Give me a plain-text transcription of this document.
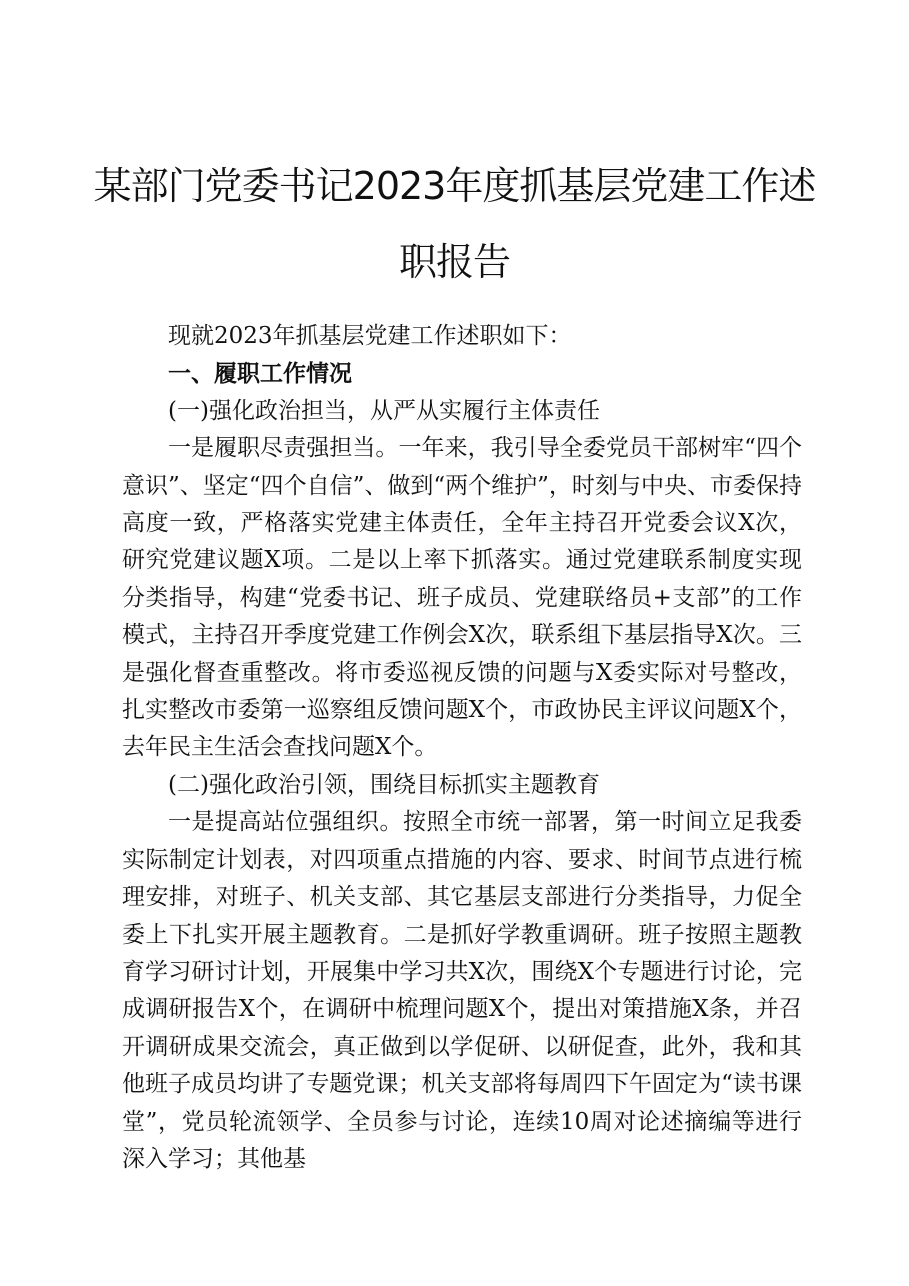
某部门党委书记2023年度抓基层党建工作述
职报告

现就2023年抓基层党建工作述职如下：

一、履职工作情况

(一)强化政治担当，从严从实履行主体责任

一是履职尽责强担当。一年来，我引导全委党员干部树牢“四个意识”、坚定“四个自信”、做到“两个维护”，时刻与中央、市委保持高度一致，严格落实党建主体责任，全年主持召开党委会议X次，研究党建议题X项。二是以上率下抓落实。通过党建联系制度实现分类指导，构建“党委书记、班子成员、党建联络员+支部”的工作模式，主持召开季度党建工作例会X次，联系组下基层指导X次。三是强化督查重整改。将市委巡视反馈的问题与X委实际对号整改，扎实整改市委第一巡察组反馈问题X个，市政协民主评议问题X个，去年民主生活会查找问题X个。

(二)强化政治引领，围绕目标抓实主题教育

一是提高站位强组织。按照全市统一部署，第一时间立足我委实际制定计划表，对四项重点措施的内容、要求、时间节点进行梳理安排，对班子、机关支部、其它基层支部进行分类指导，力促全委上下扎实开展主题教育。二是抓好学教重调研。班子按照主题教育学习研讨计划，开展集中学习共X次，围绕X个专题进行讨论，完成调研报告X个，在调研中梳理问题X个，提出对策措施X条，并召开调研成果交流会，真正做到以学促研、以研促查，此外，我和其他班子成员均讲了专题党课；机关支部将每周四下午固定为“读书课堂”，党员轮流领学、全员参与讨论，连续10周对论述摘编等进行深入学习；其他基
